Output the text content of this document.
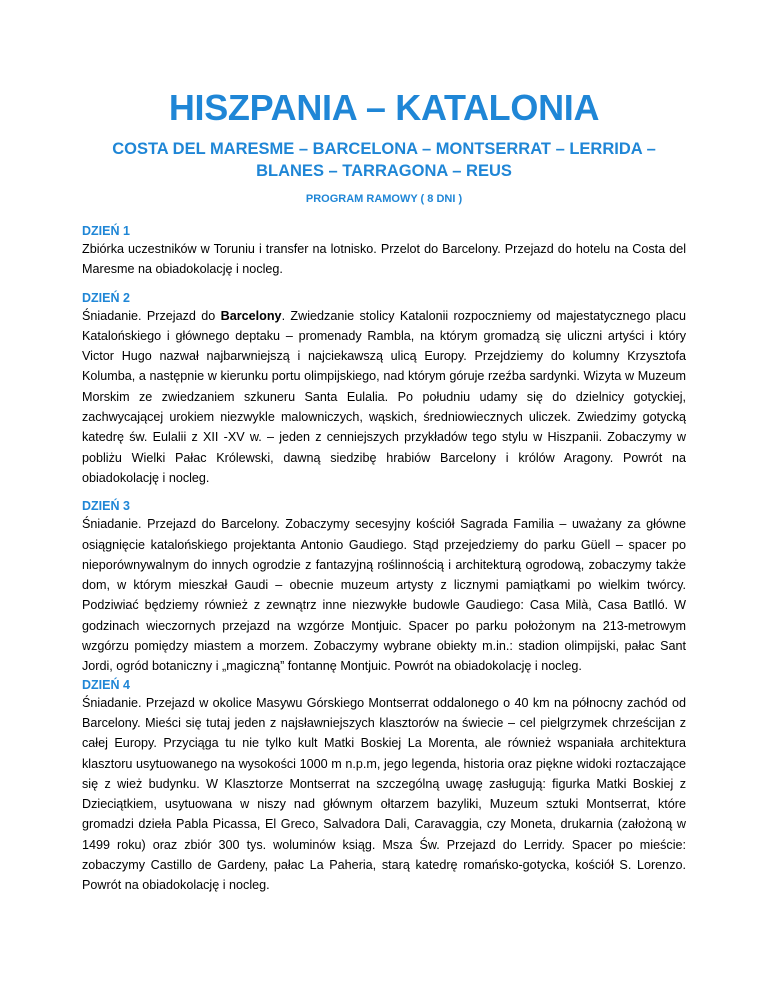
HISZPANIA – KATALONIA
COSTA DEL MARESME – BARCELONA – MONTSERRAT – LERRIDA –
BLANES – TARRAGONA – REUS
PROGRAM RAMOWY ( 8 DNI )
DZIEŃ 1

Zbiórka uczestników w Toruniu i transfer na lotnisko. Przelot do Barcelony. Przejazd do hotelu na Costa del Maresme na obiadokolację i nocleg.

DZIEŃ 2

Śniadanie. Przejazd do Barcelony. Zwiedzanie stolicy Katalonii rozpoczniemy od majestatycznego placu Katalońskiego i głównego deptaku – promenady Rambla, na którym gromadzą się uliczni artyści i który Victor Hugo nazwał najbarwniejszą i najciekawszą ulicą Europy. Przejdziemy do kolumny Krzysztofa Kolumba, a następnie w kierunku portu olimpijskiego, nad którym góruje rzeźba sardynki. Wizyta w Muzeum Morskim ze zwiedzaniem szkuneru Santa Eulalia. Po południu udamy się do dzielnicy gotyckiej, zachwycającej urokiem niezwykle malowniczych, wąskich, średniowiecznych uliczek. Zwiedzimy gotycką katedrę św. Eulalii z XII -XV w. – jeden z cenniejszych przykładów tego stylu w Hiszpanii. Zobaczymy w pobliżu Wielki Pałac Królewski, dawną siedzibę hrabiów Barcelony i królów Aragony. Powrót na obiadokolację i nocleg.

DZIEŃ 3

Śniadanie. Przejazd do Barcelony. Zobaczymy secesyjny kościół Sagrada Familia – uważany za główne osiągnięcie katalońskiego projektanta Antonio Gaudiego. Stąd przejedziemy do parku Güell – spacer po nieporównywalnym do innych ogrodzie z fantazyjną roślinnością i architekturą ogrodową, zobaczymy także dom, w którym mieszkał Gaudi – obecnie muzeum artysty z licznymi pamiątkami po wielkim twórcy. Podziwiać będziemy również z zewnątrz inne niezwykłe budowle Gaudiego: Casa Milà, Casa Batlló. W godzinach wieczornych przejazd na wzgórze Montjuic. Spacer po parku położonym na 213-metrowym wzgórzu pomiędzy miastem a morzem. Zobaczymy wybrane obiekty m.in.: stadion olimpijski, pałac Sant Jordi, ogród botaniczny i „magiczną” fontannę Montjuic. Powrót na obiadokolację i nocleg.

DZIEŃ 4

Śniadanie. Przejazd w okolice Masywu Górskiego Montserrat oddalonego o 40 km na północny zachód od Barcelony. Mieści się tutaj jeden z najsławniejszych klasztorów na świecie – cel pielgrzymek chrześcijan z całej Europy. Przyciąga tu nie tylko kult Matki Boskiej La Morenta, ale również wspaniała architektura klasztoru usytuowanego na wysokości 1000 m n.p.m, jego legenda, historia oraz piękne widoki roztaczające się z wież budynku. W Klasztorze Montserrat na szczególną uwagę zasługują: figurka Matki Boskiej z Dzieciątkiem, usytuowana w niszy nad głównym ołtarzem bazyliki, Muzeum sztuki Montserrat, które gromadzi dzieła Pabla Picassa, El Greco, Salvadora Dali, Caravaggia, czy Moneta, drukarnia (założoną w 1499 roku) oraz zbiór 300 tys. woluminów ksiąg. Msza Św. Przejazd do Lerridy. Spacer po mieście: zobaczymy Castillo de Gardeny, pałac La Paheria, starą katedrę romańsko-gotycka, kościół S. Lorenzo. Powrót na obiadokolację i nocleg.
